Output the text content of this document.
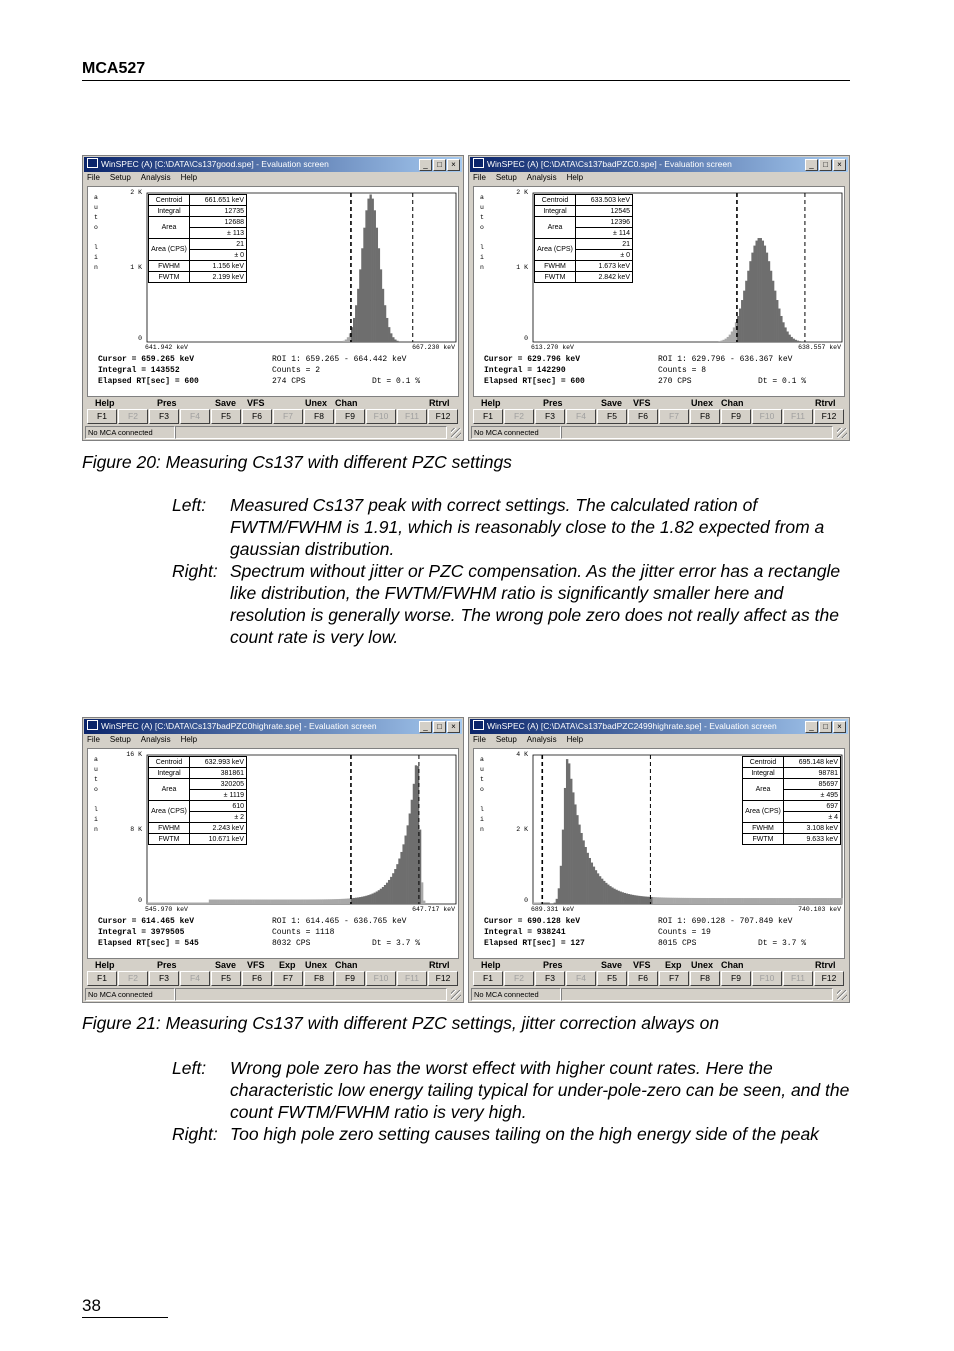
MCA527
WinSPEC (A) [C:\DATA\Cs137good.spe] - Evaluation screen	_	□	×
File Setup Analysis Help
a
u
t
o
l
i
n
2 K
1 K
0
641.942 keV	667.230 keV
Centroid	661.651 keV
Integral	12735
Area	12688
	± 113
Area (CPS)	21
	± 0
FWHM	1.156 keV
FWTM	2.199 keV
Cursor = 659.265 keV
Integral = 143552
Elapsed RT[sec] = 600
ROI 1: 659.265 - 664.442 keV
Counts = 2
274 CPS	Dt = 0.1 %
Help	Pres	Save VFS	Unex Chan	Rtrvl
F1	F2	F3	F4	F5	F6	F7	F8	F9	F10	F11	F12
No MCA connected
WinSPEC (A) [C:\DATA\Cs137badPZC0.spe] - Evaluation screen	_	□	×
File Setup Analysis Help
a
u
t
o
l
i
n
2 K
1 K
0
613.270 keV	638.557 keV
Centroid	633.503 keV
Integral	12545
Area	12396
	± 114
Area (CPS)	21
	± 0
FWHM	1.673 keV
FWTM	2.842 keV
Cursor = 629.796 keV
Integral = 142290
Elapsed RT[sec] = 600
ROI 1: 629.796 - 636.367 keV
Counts = 8
270 CPS	Dt = 0.1 %
Help	Pres	Save VFS	Unex Chan	Rtrvl
F1	F2	F3	F4	F5	F6	F7	F8	F9	F10	F11	F12
No MCA connected
Figure 20: Measuring Cs137 with different PZC settings
Left:	Measured Cs137 peak with correct settings. The calculated ration of FWTM/FWHM is 1.91, which is reasonably close to the 1.82 expected from a gaussian distribution.
Right: Spectrum without jitter or PZC compensation. As the jitter error has a rectangle like distribution, the FWTM/FWHM ratio is significantly smaller here and resolution is generally worse. The wrong pole zero does not really affect as the count rate is very low.
WinSPEC (A) [C:\DATA\Cs137badPZC0highrate.spe] - Evaluation screen	_	□	×
File Setup Analysis Help
a
u
t
o
l
i
n
16 K
8 K
0
545.970 keV	647.717 keV
Centroid	632.993 keV
Integral	381861
Area	320205
	± 1119
Area (CPS)	610
	± 2
FWHM	2.243 keV
FWTM	10.671 keV
Cursor = 614.465 keV
Integral = 3979505
Elapsed RT[sec] = 545
ROI 1: 614.465 - 636.765 keV
Counts = 1118
8032 CPS	Dt = 3.7 %
Help	Pres	Save VFS Exp Unex Chan	Rtrvl
F1	F2	F3	F4	F5	F6	F7	F8	F9	F10	F11	F12
No MCA connected
WinSPEC (A) [C:\DATA\Cs137badPZC2499highrate.spe] - Evaluation screen	_	□	×
File Setup Analysis Help
a
u
t
o
l
i
n
4 K
2 K
0
689.331 keV	740.103 keV
Centroid	695.148 keV
Integral	98781
Area	85697
	± 495
Area (CPS)	697
	± 4
FWHM	3.108 keV
FWTM	9.633 keV
Cursor = 690.128 keV
Integral = 938241
Elapsed RT[sec] = 127
ROI 1: 690.128 - 707.849 keV
Counts = 19
8015 CPS	Dt = 3.7 %
Help	Pres	Save VFS Exp Unex Chan	Rtrvl
F1	F2	F3	F4	F5	F6	F7	F8	F9	F10	F11	F12
No MCA connected
Figure 21: Measuring Cs137 with different PZC settings, jitter correction always on
Left:	Wrong pole zero has the worst effect with higher count rates. Here the characteristic low energy tailing typical for under-pole-zero can be seen, and the count FWTM/FWHM ratio is very high.
Right: Too high pole zero setting causes tailing on the high energy side of the peak
38
